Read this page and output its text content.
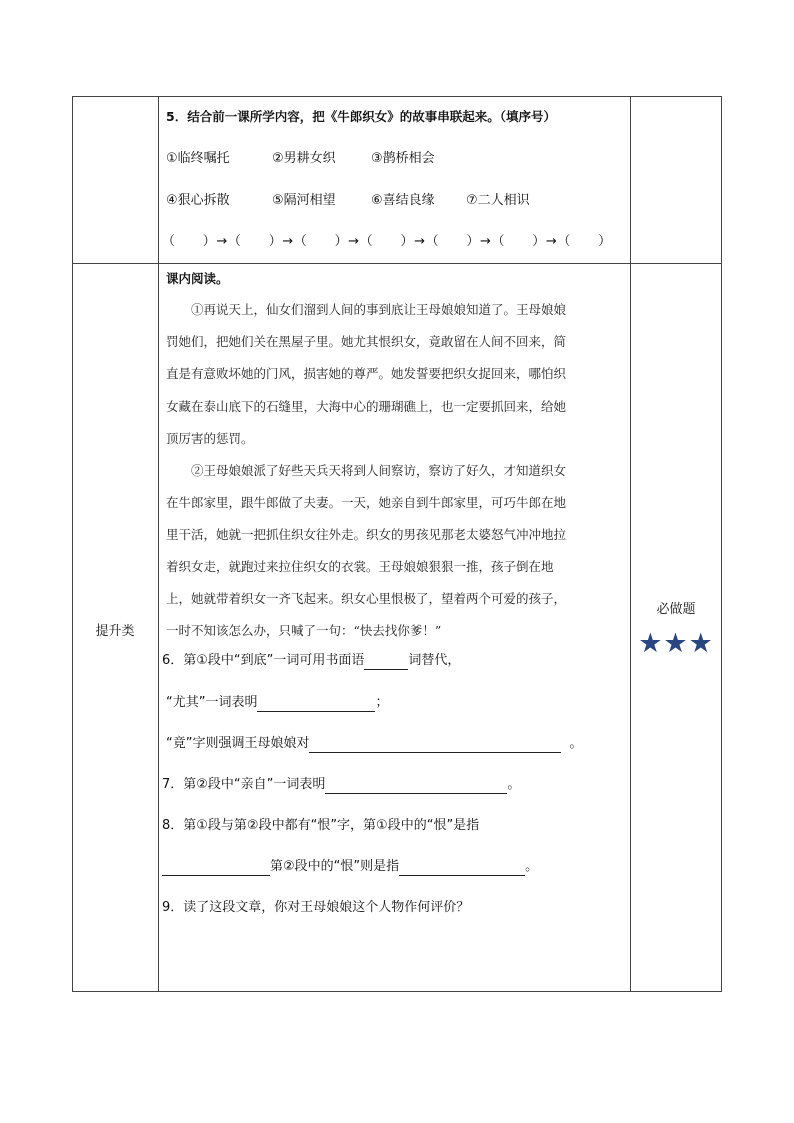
5．结合前一课所学内容，把《牛郎织女》的故事串联起来。（填序号）
①临终嘱托	②男耕女织	③鹊桥相会
④狠心拆散	⑤隔河相望	⑥喜结良缘 ⑦二人相识
（　　）→（　　）→（　　）→（　　）→（　　）→（　　）→（　　）
提升类
课内阅读。
　　①再说天上，仙女们溜到人间的事到底让王母娘娘知道了。王母娘娘
罚她们，把她们关在黑屋子里。她尤其恨织女，竟敢留在人间不回来，简
直是有意败坏她的门风，损害她的尊严。她发誓要把织女捉回来，哪怕织
女藏在泰山底下的石缝里，大海中心的珊瑚礁上，也一定要抓回来，给她
顶厉害的惩罚。
　　②王母娘娘派了好些天兵天将到人间察访，察访了好久，才知道织女
在牛郎家里，跟牛郎做了夫妻。一天，她亲自到牛郎家里，可巧牛郎在地
里干活，她就一把抓住织女往外走。织女的男孩见那老太婆怒气冲冲地拉
着织女走，就跑过来拉住织女的衣裳。王母娘娘狠狠一推，孩子倒在地
上，她就带着织女一齐飞起来。织女心里恨极了，望着两个可爱的孩子，
一时不知该怎么办，只喊了一句：“快去找你爹！”
6．第①段中“到底”一词可用书面语	词替代，
“尤其”一词表明	；
“竟”字则强调王母娘娘对	。
7．第②段中“亲自”一词表明	。
8．第①段与第②段中都有“恨”字，第①段中的“恨”是指
第②段中的“恨”则是指	。
9．读了这段文章，你对王母娘娘这个人物作何评价？
必做题
★★★
